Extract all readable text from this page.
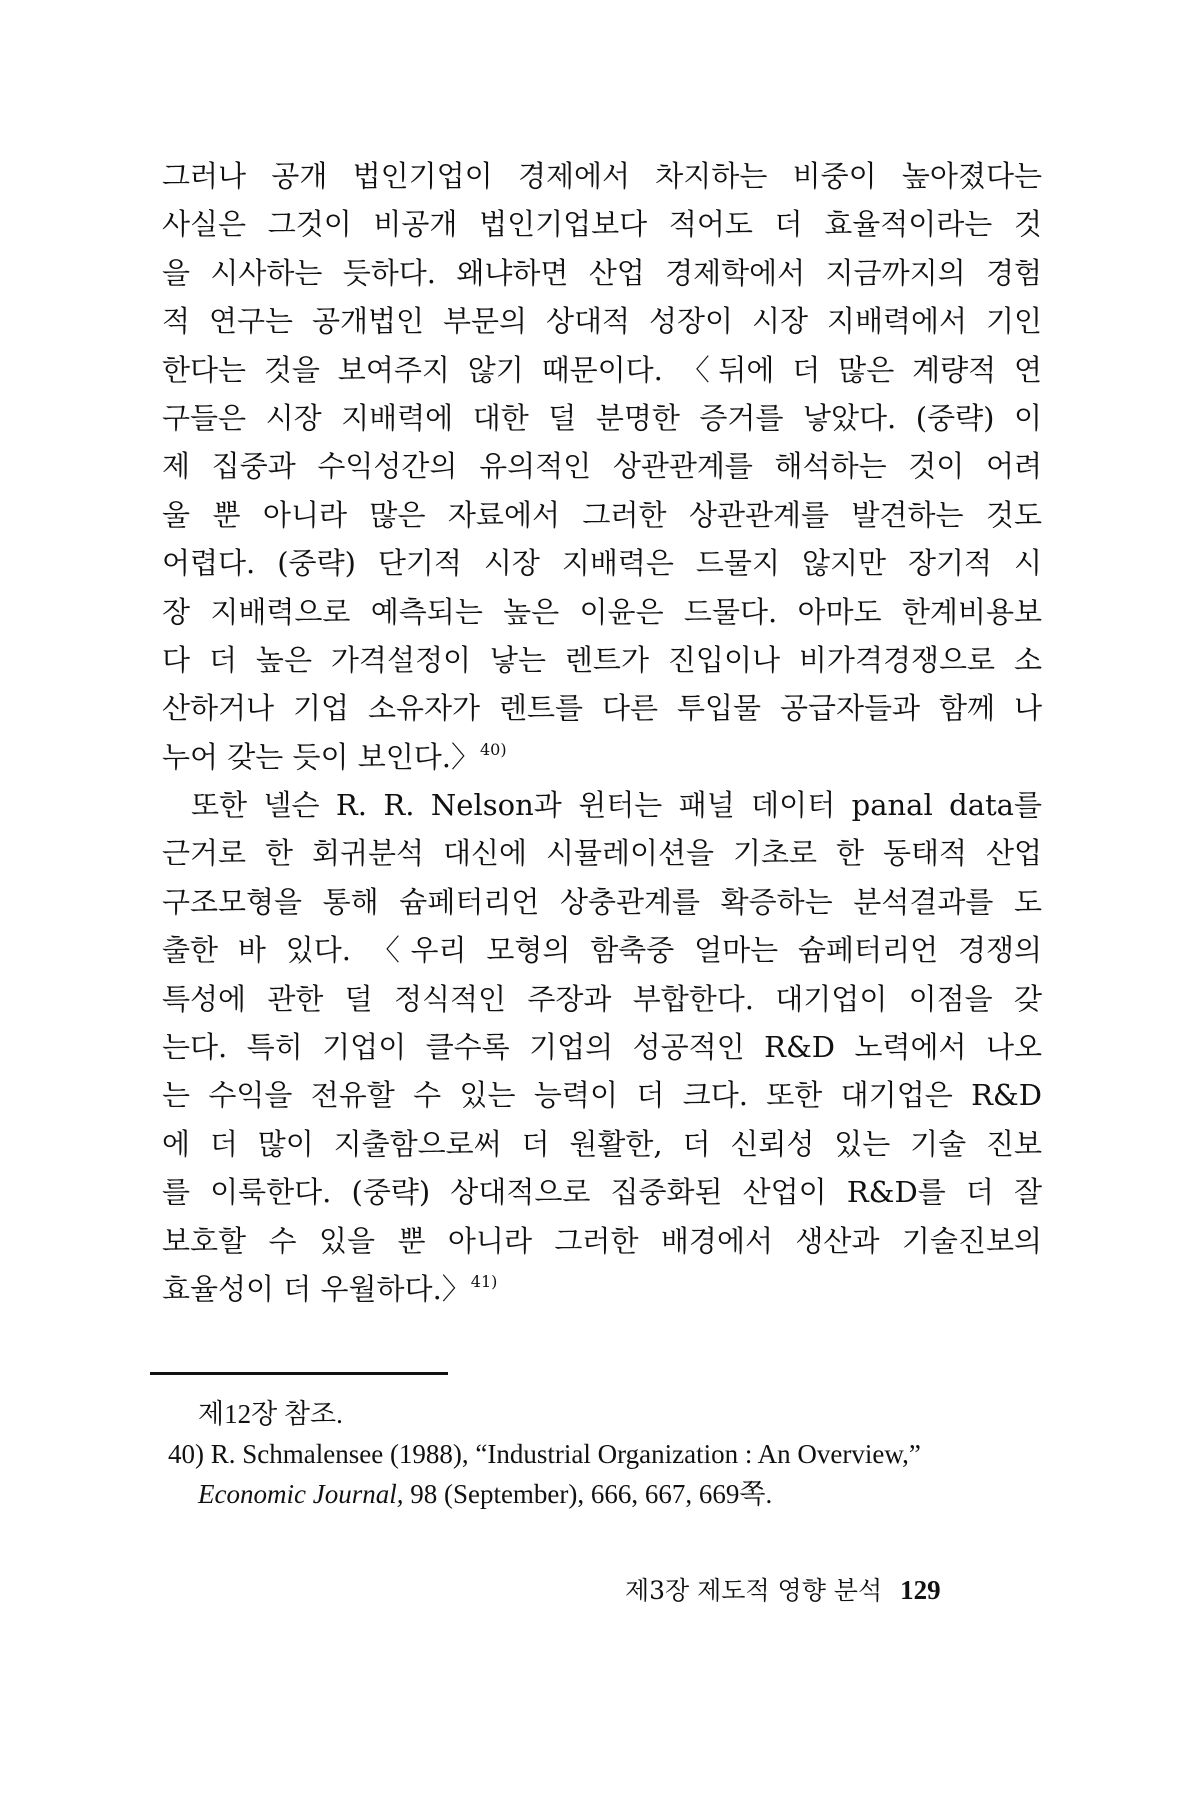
그러나 공개 법인기업이 경제에서 차지하는 비중이 높아졌다는
사실은 그것이 비공개 법인기업보다 적어도 더 효율적이라는 것
을 시사하는 듯하다. 왜냐하면 산업 경제학에서 지금까지의 경험
적 연구는 공개법인 부문의 상대적 성장이 시장 지배력에서 기인
한다는 것을 보여주지 않기 때문이다. 〈뒤에 더 많은 계량적 연
구들은 시장 지배력에 대한 덜 분명한 증거를 낳았다. (중략) 이
제 집중과 수익성간의 유의적인 상관관계를 해석하는 것이 어려
울 뿐 아니라 많은 자료에서 그러한 상관관계를 발견하는 것도
어렵다. (중략) 단기적 시장 지배력은 드물지 않지만 장기적 시
장 지배력으로 예측되는 높은 이윤은 드물다. 아마도 한계비용보
다 더 높은 가격설정이 낳는 렌트가 진입이나 비가격경쟁으로 소
산하거나 기업 소유자가 렌트를 다른 투입물 공급자들과 함께 나
누어 갖는 듯이 보인다.〉$^{40)}$
또한 넬슨 R. R. Nelson과 윈터는 패널 데이터 panal data를
근거로 한 회귀분석 대신에 시뮬레이션을 기초로 한 동태적 산업
구조모형을 통해 슘페터리언 상충관계를 확증하는 분석결과를 도
출한 바 있다. 〈우리 모형의 함축중 얼마는 슘페터리언 경쟁의
특성에 관한 덜 정식적인 주장과 부합한다. 대기업이 이점을 갖
는다. 특히 기업이 클수록 기업의 성공적인 R&D 노력에서 나오
는 수익을 전유할 수 있는 능력이 더 크다. 또한 대기업은 R&D
에 더 많이 지출함으로써 더 원활한, 더 신뢰성 있는 기술 진보
를 이룩한다. (중략) 상대적으로 집중화된 산업이 R&D를 더 잘
보호할 수 있을 뿐 아니라 그러한 배경에서 생산과 기술진보의
효율성이 더 우월하다.〉$^{41)}$
제12장 참조.
40) R. Schmalensee (1988), “Industrial Organization : An Overview,”
Economic Journal, 98 (September), 666, 667, 669쪽.
제3장 제도적 영향 분석 129
